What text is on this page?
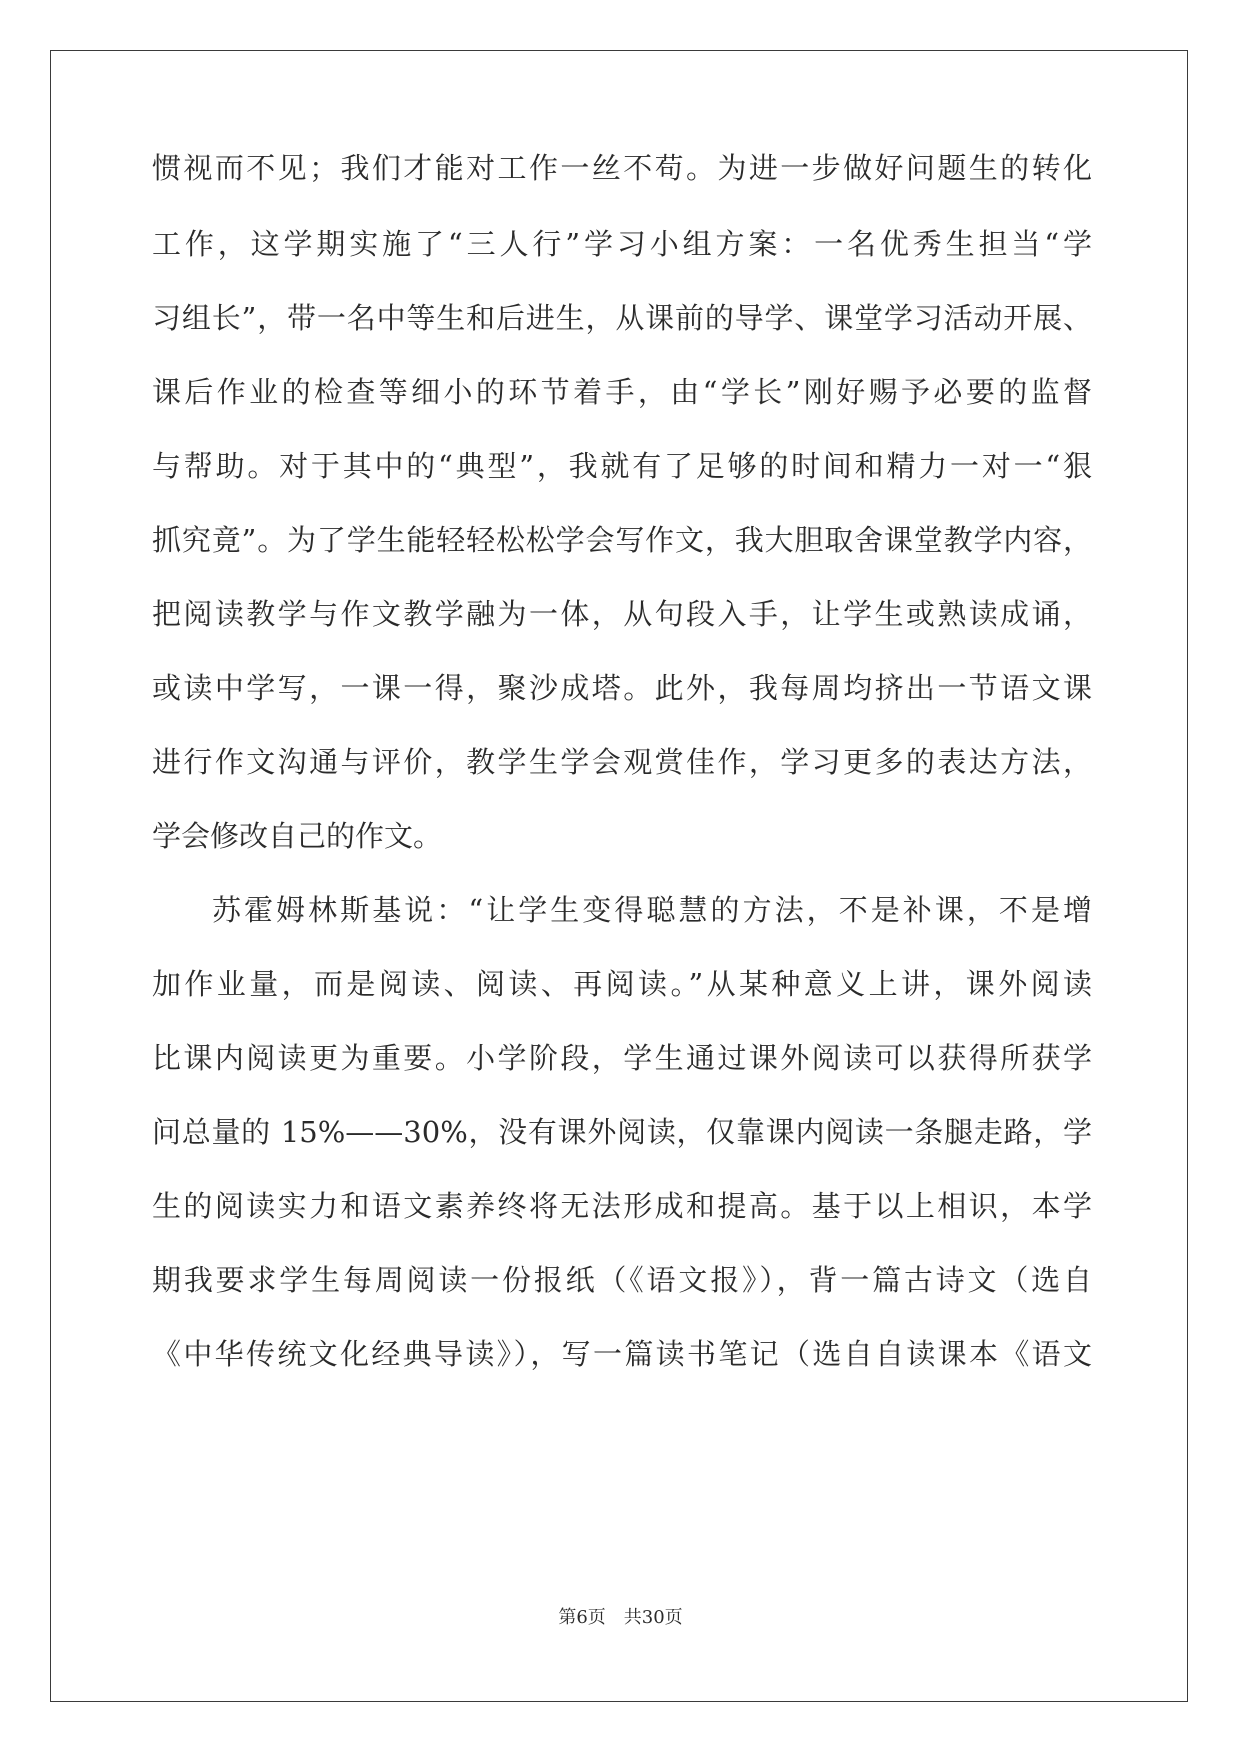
惯视而不见；我们才能对工作一丝不苟。为进一步做好问题生的转化
工作，这学期实施了“三人行”学习小组方案：一名优秀生担当“学
习组长”，带一名中等生和后进生，从课前的导学、课堂学习活动开展、
课后作业的检查等细小的环节着手，由“学长”刚好赐予必要的监督
与帮助。对于其中的“典型”，我就有了足够的时间和精力一对一“狠
抓究竟”。为了学生能轻轻松松学会写作文，我大胆取舍课堂教学内容，
把阅读教学与作文教学融为一体，从句段入手，让学生或熟读成诵，
或读中学写，一课一得，聚沙成塔。此外，我每周均挤出一节语文课
进行作文沟通与评价，教学生学会观赏佳作，学习更多的表达方法，
学会修改自己的作文。
苏霍姆林斯基说：“让学生变得聪慧的方法，不是补课，不是增
加作业量，而是阅读、阅读、再阅读。”从某种意义上讲，课外阅读
比课内阅读更为重要。小学阶段，学生通过课外阅读可以获得所获学
问总量的 15%——30%，没有课外阅读，仅靠课内阅读一条腿走路，学
生的阅读实力和语文素养终将无法形成和提高。基于以上相识，本学
期我要求学生每周阅读一份报纸（《语文报》），背一篇古诗文（选自
《中华传统文化经典导读》），写一篇读书笔记（选自自读课本《语文
第6页　共30页
